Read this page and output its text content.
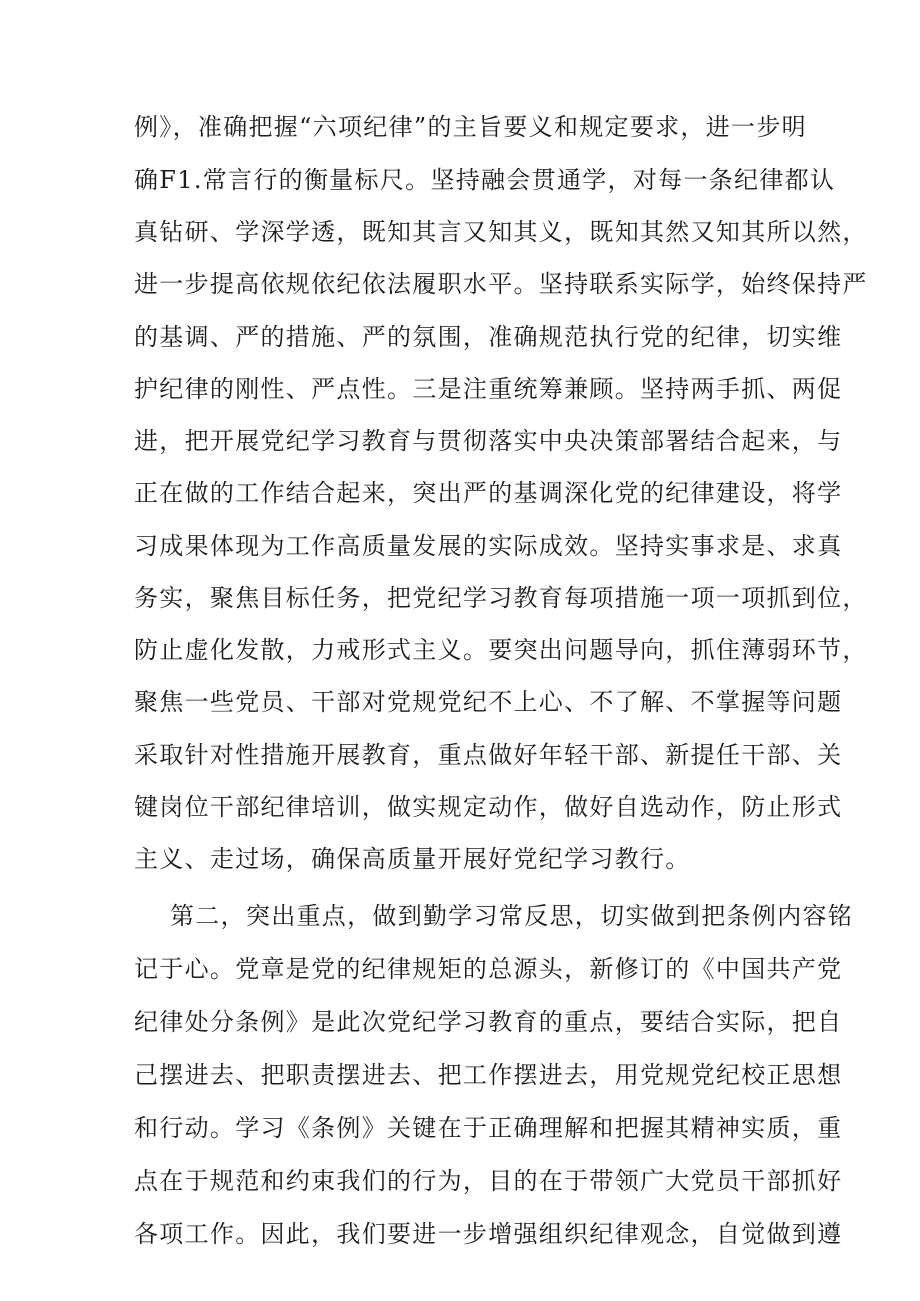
例》，准确把握“六项纪律”的主旨要义和规定要求，进一步明
确F1.常言行的衡量标尺。坚持融会贯通学，对每一条纪律都认
真钻研、学深学透，既知其言又知其义，既知其然又知其所以然，
进一步提高依规依纪依法履职水平。坚持联系实际学，始终保持严
的基调、严的措施、严的氛围，准确规范执行党的纪律，切实维
护纪律的刚性、严点性。三是注重统筹兼顾。坚持两手抓、两促
进，把开展党纪学习教育与贯彻落实中央决策部署结合起来，与
正在做的工作结合起来，突出严的基调深化党的纪律建设，将学
习成果体现为工作高质量发展的实际成效。坚持实事求是、求真
务实，聚焦目标任务，把党纪学习教育每项措施一项一项抓到位，
防止虚化发散，力戒形式主义。要突出问题导向，抓住薄弱环节，
聚焦一些党员、干部对党规党纪不上心、不了解、不掌握等问题
采取针对性措施开展教育，重点做好年轻干部、新提任干部、关
键岗位干部纪律培训，做实规定动作，做好自选动作，防止形式
主义、走过场，确保高质量开展好党纪学习教行。
第二，突出重点，做到勤学习常反思，切实做到把条例内容铭
记于心。党章是党的纪律规矩的总源头，新修订的《中国共产党
纪律处分条例》是此次党纪学习教育的重点，要结合实际，把自
己摆进去、把职责摆进去、把工作摆进去，用党规党纪校正思想
和行动。学习《条例》关键在于正确理解和把握其精神实质，重
点在于规范和约束我们的行为，目的在于带领广大党员干部抓好
各项工作。因此，我们要进一步增强组织纪律观念，自觉做到遵
